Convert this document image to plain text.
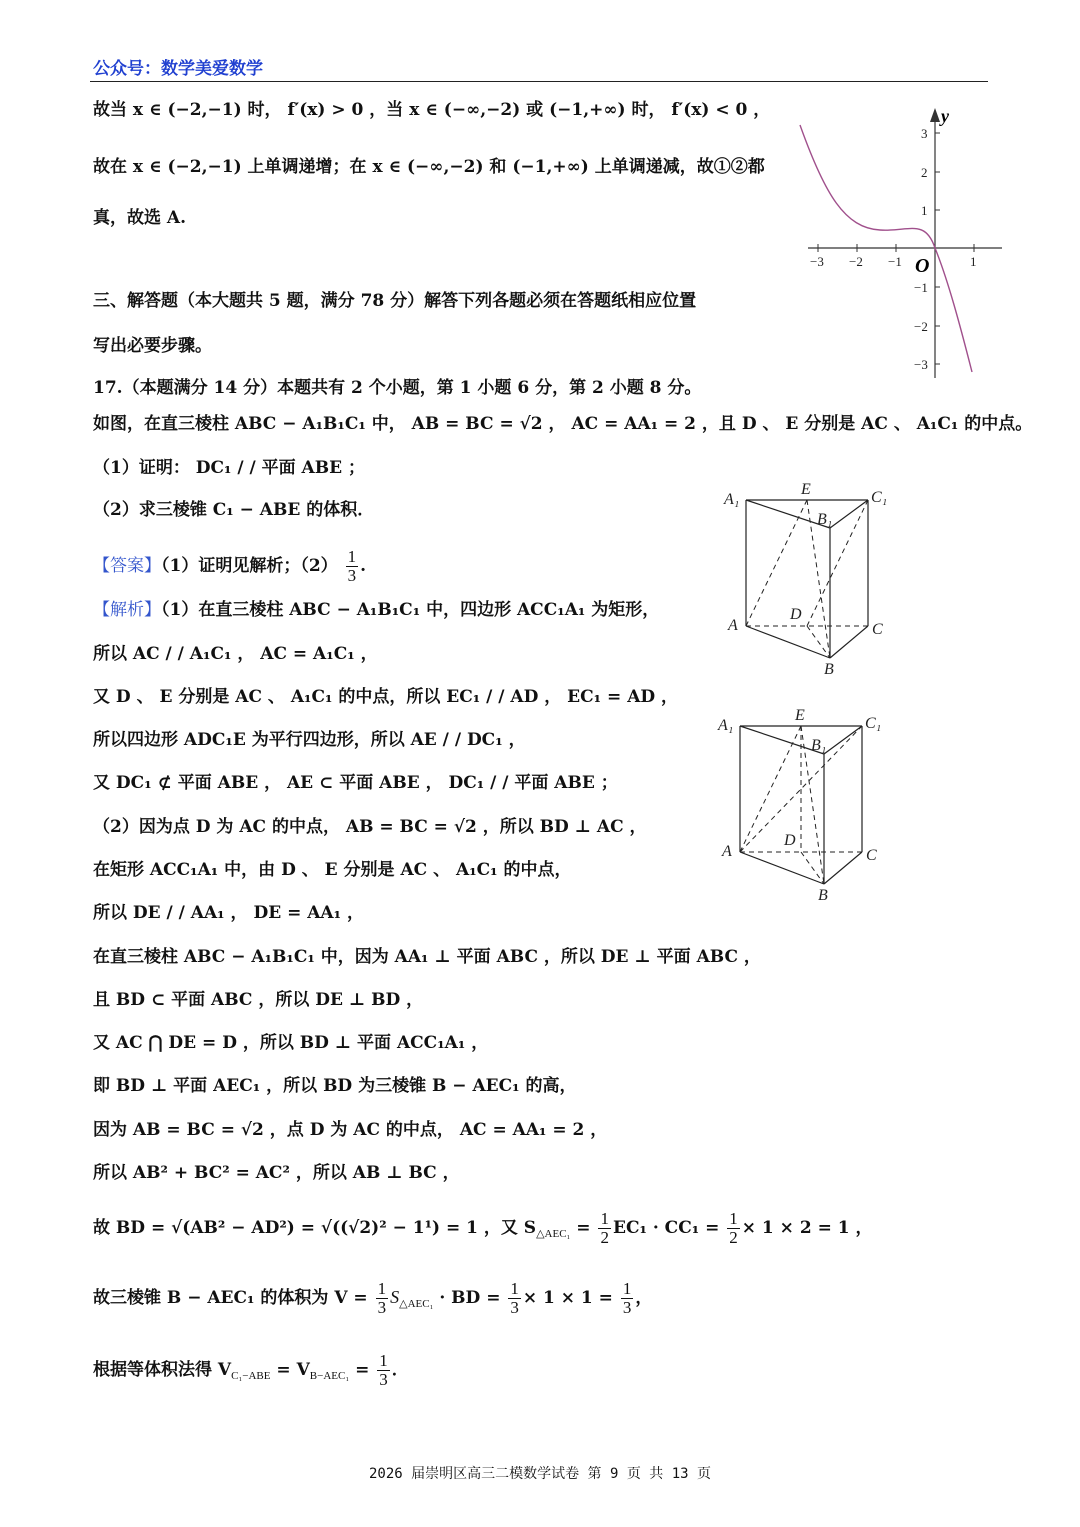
公众号：数学美爱数学
故当 x ∈ (−2,−1) 时， f′(x) > 0 ，当 x ∈ (−∞,−2) 或 (−1,+∞) 时， f′(x) < 0 ，
故在 x ∈ (−2,−1) 上单调递增；在 x ∈ (−∞,−2) 和 (−1,+∞) 上单调递减，故①②都
真，故选 A.
三、解答题（本大题共 5 题，满分 78 分）解答下列各题必须在答题纸相应位置
写出必要步骤。
17.（本题满分 14 分）本题共有 2 个小题，第 1 小题 6 分，第 2 小题 8 分。
如图，在直三棱柱 ABC − A₁B₁C₁ 中， AB = BC = √2 ， AC = AA₁ = 2 ，且 D 、 E 分别是 AC 、 A₁C₁ 的中点。
（1）证明： DC₁ / / 平面 ABE ；
（2）求三棱锥 C₁ − ABE 的体积．
【答案】（1）证明见解析；$(2) \frac{1}{3}$ .
【解析】（1）在直三棱柱 ABC − A₁B₁C₁ 中，四边形 ACC₁A₁ 为矩形，
所以 AC / / A₁C₁ ， AC = A₁C₁ ，
又 D 、 E 分别是 AC 、 A₁C₁ 的中点，所以 EC₁ / / AD ， EC₁ = AD ，
所以四边形 ADC₁E 为平行四边形，所以 AE / / DC₁ ，
又 DC₁ ⊄ 平面 ABE ， AE ⊂ 平面 ABE ， DC₁ / / 平面 ABE ；
（2）因为点 D 为 AC 的中点， AB = BC = √2 ，所以 BD ⊥ AC ，
在矩形 ACC₁A₁ 中，由 D 、 E 分别是 AC 、 A₁C₁ 的中点，
所以 DE / / AA₁ ， DE = AA₁ ，
在直三棱柱 ABC − A₁B₁C₁ 中，因为 AA₁ ⊥ 平面 ABC ，所以 DE ⊥ 平面 ABC ，
且 BD ⊂ 平面 ABC ，所以 DE ⊥ BD ，
又 AC ⋂ DE = D ，所以 BD ⊥ 平面 ACC₁A₁ ，
即 BD ⊥ 平面 AEC₁ ，所以 BD 为三棱锥 B − AEC₁ 的高，
因为 AB = BC = √2 ，点 D 为 AC 的中点， AC = AA₁ = 2 ，
所以 AB² + BC² = AC² ，所以 AB ⊥ BC ，
故 BD = √(AB² − AD²) = √((√2)² − 1¹) = 1 ，又 $S_{\triangle AEC_1} = \frac{1}{2} EC_1 \cdot CC_1 = \frac{1}{2} \times 1 \times 2 = 1$ ，
故三棱锥 B − AEC₁ 的体积为 $V = \frac{1}{3} S_{\triangle AEC_1}$ · BD = $\frac{1}{3} \times 1 \times 1 = \frac{1}{3}$ ，
根据等体积法得 $V_{C_1-ABE} = V_{B-AEC_1} = \frac{1}{3}$ ．
y
−3 −2 −1	1
3
2
1
−1
−2
−3
O
A₁
E	C₁
B₁
A
D
C
B
A₁
E	C₁
B₁
A
D
C
B
2026 届崇明区高三二模数学试卷 第 9 页 共 13 页
